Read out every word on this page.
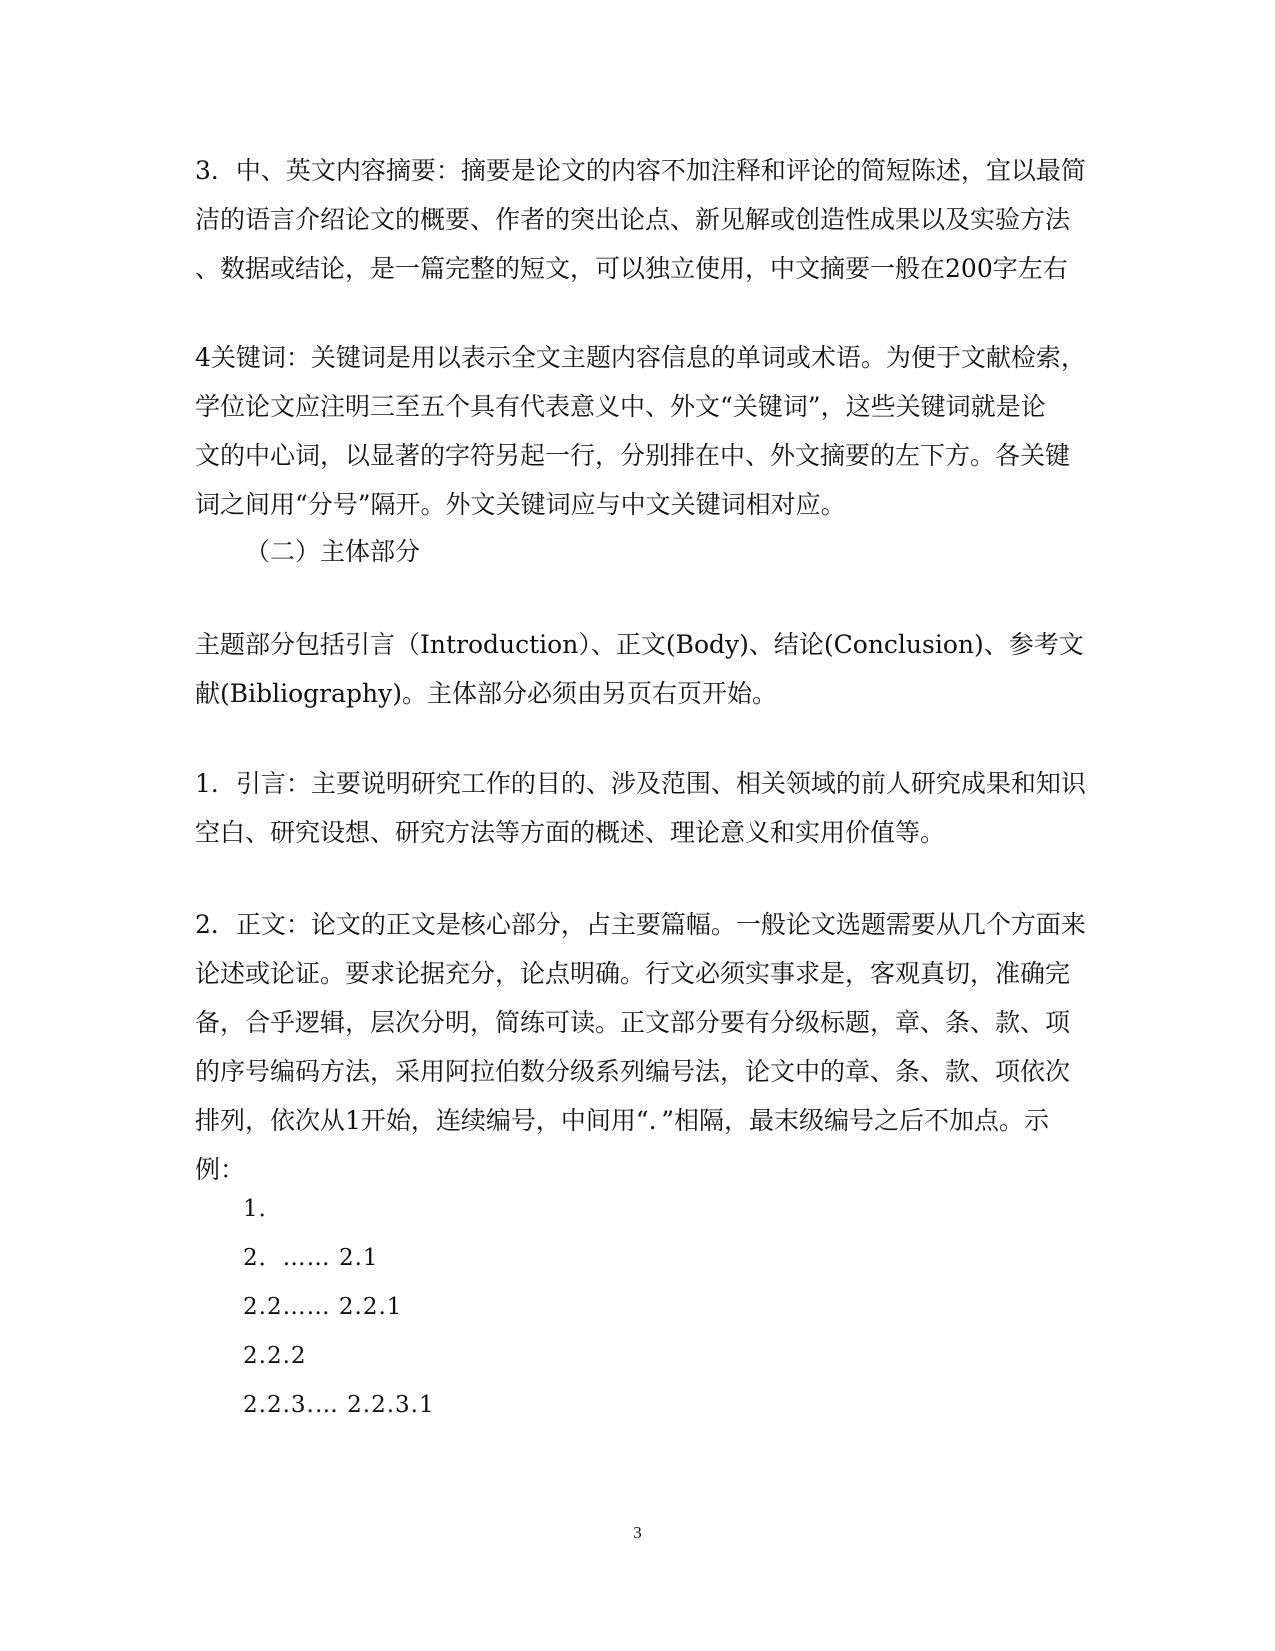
3．中、英文内容摘要：摘要是论文的内容不加注释和评论的简短陈述，宜以最简
洁的语言介绍论文的概要、作者的突出论点、新见解或创造性成果以及实验方法
、数据或结论，是一篇完整的短文，可以独立使用，中文摘要一般在200字左右
4关键词：关键词是用以表示全文主题内容信息的单词或术语。为便于文献检索，
学位论文应注明三至五个具有代表意义中、外文“关键词”，这些关键词就是论
文的中心词，以显著的字符另起一行，分别排在中、外文摘要的左下方。各关键
词之间用“分号”隔开。外文关键词应与中文关键词相对应。
（二）主体部分
主题部分包括引言（Introduction）、正文(Body)、结论(Conclusion)、参考文
献(Bibliography)。主体部分必须由另页右页开始。
1．引言：主要说明研究工作的目的、涉及范围、相关领域的前人研究成果和知识
空白、研究设想、研究方法等方面的概述、理论意义和实用价值等。
2．正文：论文的正文是核心部分，占主要篇幅。一般论文选题需要从几个方面来
论述或论证。要求论据充分，论点明确。行文必须实事求是，客观真切，准确完
备，合乎逻辑，层次分明，简练可读。正文部分要有分级标题，章、条、款、项
的序号编码方法，采用阿拉伯数分级系列编号法，论文中的章、条、款、项依次
排列，依次从1开始，连续编号，中间用“．”相隔，最末级编号之后不加点。示
例：
1．
2．…… 2.1
2.2…… 2.2.1
2.2.2
2.2.3.… 2.2.3.1
3
